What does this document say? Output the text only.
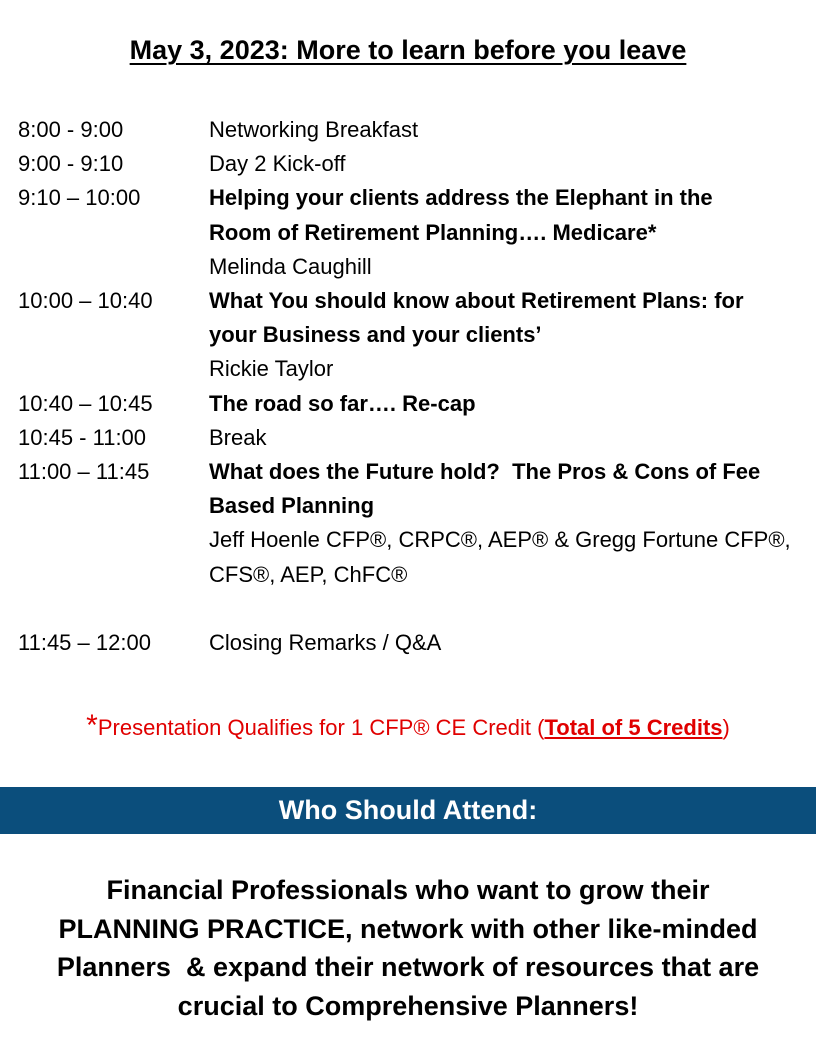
May 3, 2023: More to learn before you leave
8:00 - 9:00	Networking Breakfast
9:00 - 9:10	Day 2 Kick-off
9:10 – 10:00	Helping your clients address the Elephant in the
Room of Retirement Planning…. Medicare*
Melinda Caughill
10:00 – 10:40	What You should know about Retirement Plans: for
your Business and your clients’
Rickie Taylor
10:40 – 10:45	The road so far…. Re-cap
10:45 - 11:00	Break
11:00 – 11:45	What does the Future hold?  The Pros & Cons of Fee
Based Planning
Jeff Hoenle CFP®, CRPC®, AEP® & Gregg Fortune CFP®,
CFS®, AEP, ChFC®
11:45 – 12:00	Closing Remarks / Q&A
*Presentation Qualifies for 1 CFP® CE Credit (Total of 5 Credits)
Who Should Attend:
Financial Professionals who want to grow their
PLANNING PRACTICE, network with other like-minded
Planners  & expand their network of resources that are
crucial to Comprehensive Planners!
